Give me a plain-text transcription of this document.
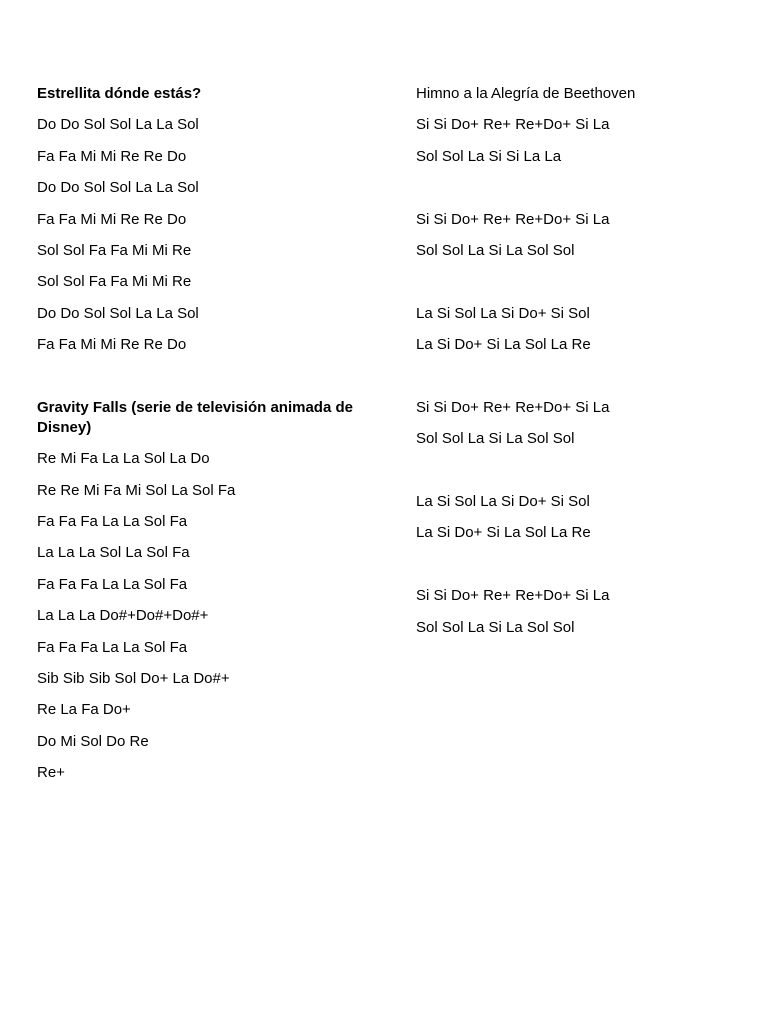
Estrellita dónde estás?
Do Do Sol Sol La La Sol
Fa Fa Mi Mi Re Re Do
Do Do Sol Sol La La Sol
Fa Fa Mi Mi Re Re Do
Sol Sol Fa Fa Mi Mi Re
Sol Sol Fa Fa Mi Mi Re
Do Do Sol Sol La La Sol
Fa Fa Mi Mi Re Re Do
Gravity Falls (serie de televisión animada de Disney)
Re Mi Fa La La Sol La Do
Re Re Mi Fa Mi Sol La Sol Fa
Fa Fa Fa La La Sol Fa
La La La Sol La Sol Fa
Fa Fa Fa La La Sol Fa
La La La Do#+Do#+Do#+
Fa Fa Fa La La Sol Fa
Sib Sib Sib Sol Do+ La Do#+
Re La Fa Do+
Do Mi Sol Do Re
Re+
Himno a la Alegría de Beethoven
Si Si Do+ Re+ Re+Do+ Si La
Sol Sol La Si Si La La
Si Si Do+ Re+ Re+Do+ Si La
Sol Sol La Si La Sol Sol
La Si Sol La Si Do+ Si Sol
La Si Do+ Si La Sol La Re
Si Si Do+ Re+ Re+Do+ Si La
Sol Sol La Si La Sol Sol
La Si Sol La Si Do+ Si Sol
La Si Do+ Si La Sol La Re
Si Si Do+ Re+ Re+Do+ Si La
Sol Sol La Si La Sol Sol
